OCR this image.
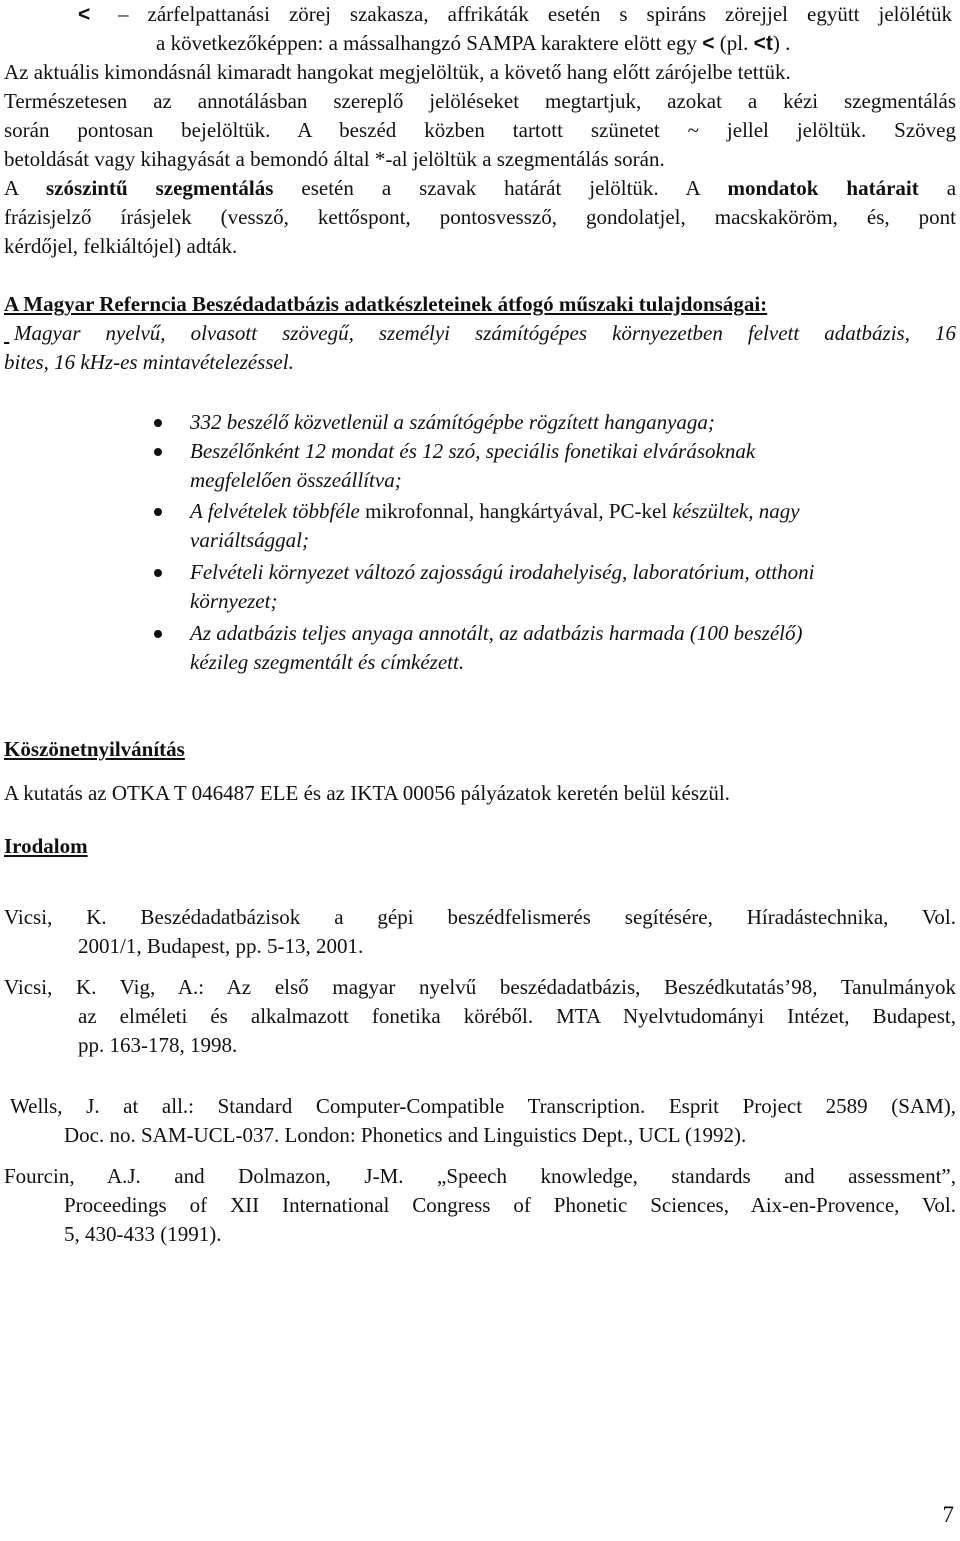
< – zárfelpattanási zörej szakasza, affrikáták esetén s spiráns zörejjel együtt jelölétük
a következőképpen: a mássalhangzó SAMPA karaktere elött egy < (pl. <t) .
Az aktuális kimondásnál kimaradt hangokat megjelöltük, a követő hang előtt zárójelbe tettük.
Természetesen az annotálásban szereplő jelöléseket megtartjuk, azokat a kézi szegmentálás
során pontosan bejelöltük. A beszéd közben tartott szünetet ~ jellel jelöltük. Szöveg
betoldását vagy kihagyását a bemondó által *-al jelöltük a szegmentálás során.
A szószintű szegmentálás esetén a szavak határát jelöltük. A mondatok határait a
frázisjelző írásjelek (vessző, kettőspont, pontosvessző, gondolatjel, macskaköröm, és, pont
kérdőjel, felkiáltójel) adták.
A Magyar Referncia Beszédadatbázis adatkészleteinek átfogó műszaki tulajdonságai:
Magyar nyelvű, olvasott szövegű, személyi számítógépes környezetben felvett adatbázis, 16
bites, 16 kHz-es mintavételezéssel.
332 beszélő közvetlenül a számítógépbe rögzített hanganyaga;
Beszélőnként 12 mondat és 12 szó, speciális fonetikai elvárásoknak
megfelelően összeállítva;
A felvételek többféle mikrofonnal, hangkártyával, PC-kel készültek, nagy
variáltsággal;
Felvételi környezet változó zajosságú irodahelyiség, laboratórium, otthoni
környezet;
Az adatbázis teljes anyaga annotált, az adatbázis harmada (100 beszélő)
kézileg szegmentált és címkézett.
Köszönetnyilvánítás
A kutatás az OTKA T 046487 ELE és az IKTA 00056 pályázatok keretén belül készül.
Irodalom
Vicsi, K. Beszédadatbázisok a gépi beszédfelismerés segítésére, Híradástechnika, Vol.
2001/1, Budapest, pp. 5-13, 2001.
Vicsi, K. Vig, A.: Az első magyar nyelvű beszédadatbázis, Beszédkutatás’98, Tanulmányok
az elméleti és alkalmazott fonetika köréből. MTA Nyelvtudományi Intézet, Budapest,
pp. 163-178, 1998.
Wells, J. at all.: Standard Computer-Compatible Transcription. Esprit Project 2589 (SAM),
Doc. no. SAM-UCL-037. London: Phonetics and Linguistics Dept., UCL (1992).
Fourcin, A.J. and Dolmazon, J-M. „Speech knowledge, standards and assessment”,
Proceedings of XII International Congress of Phonetic Sciences, Aix-en-Provence, Vol.
5, 430-433 (1991).
7
